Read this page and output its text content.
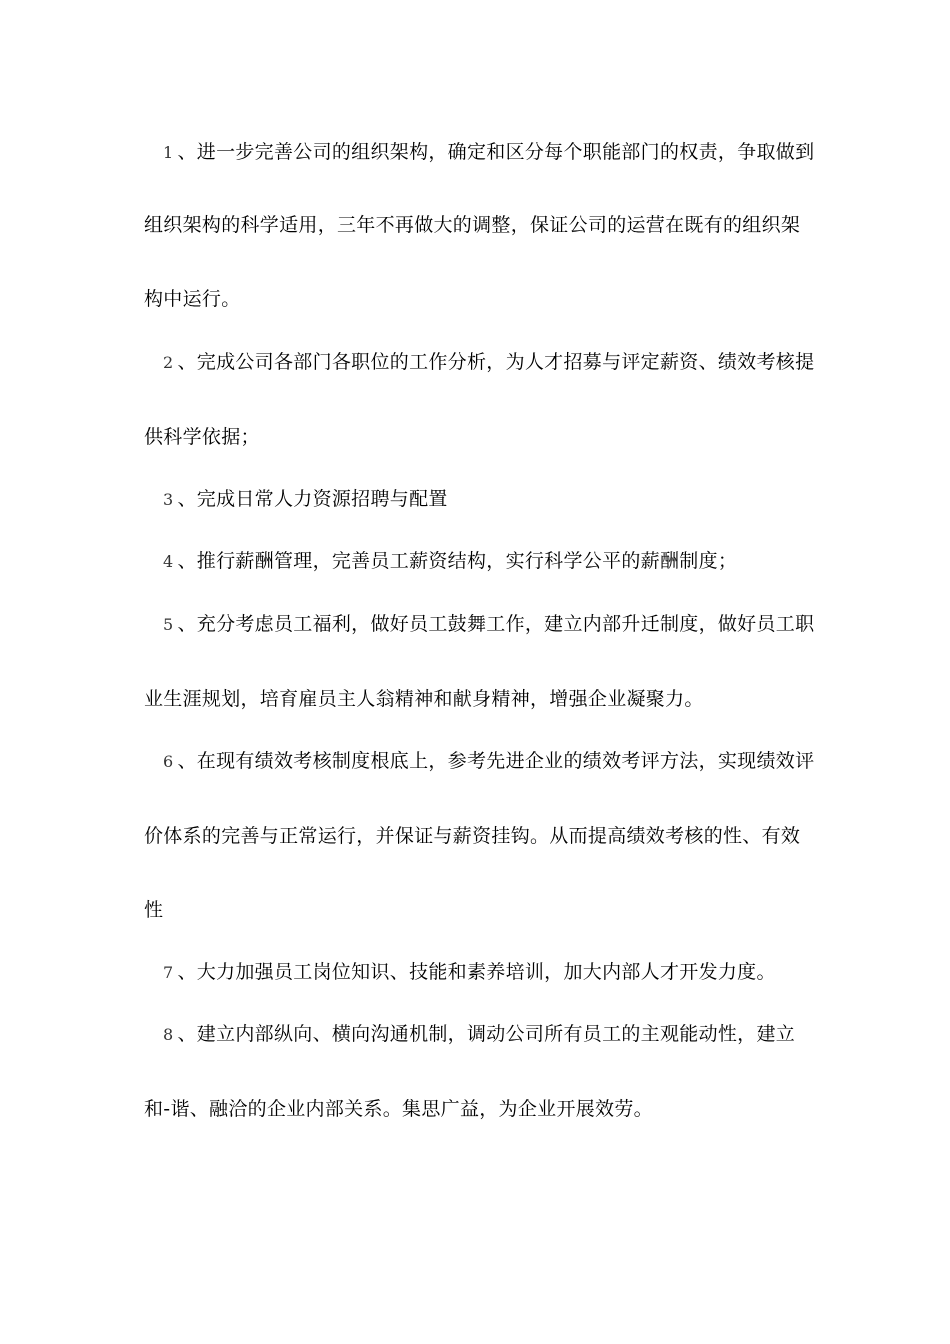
1 、进一步完善公司的组织架构，确定和区分每个职能部门的权责，争取做到
组织架构的科学适用，三年不再做大的调整，保证公司的运营在既有的组织架
构中运行。
2 、完成公司各部门各职位的工作分析，为人才招募与评定薪资、绩效考核提
供科学依据；
3 、完成日常人力资源招聘与配置
4 、推行薪酬管理，完善员工薪资结构，实行科学公平的薪酬制度；
5 、充分考虑员工福利，做好员工鼓舞工作，建立内部升迁制度，做好员工职
业生涯规划，培育雇员主人翁精神和献身精神，增强企业凝聚力。
6 、在现有绩效考核制度根底上，参考先进企业的绩效考评方法，实现绩效评
价体系的完善与正常运行，并保证与薪资挂钩。从而提高绩效考核的性、有效
性
7 、大力加强员工岗位知识、技能和素养培训，加大内部人才开发力度。
8 、建立内部纵向、横向沟通机制，调动公司所有员工的主观能动性，建立
和-谐、融洽的企业内部关系。集思广益，为企业开展效劳。
